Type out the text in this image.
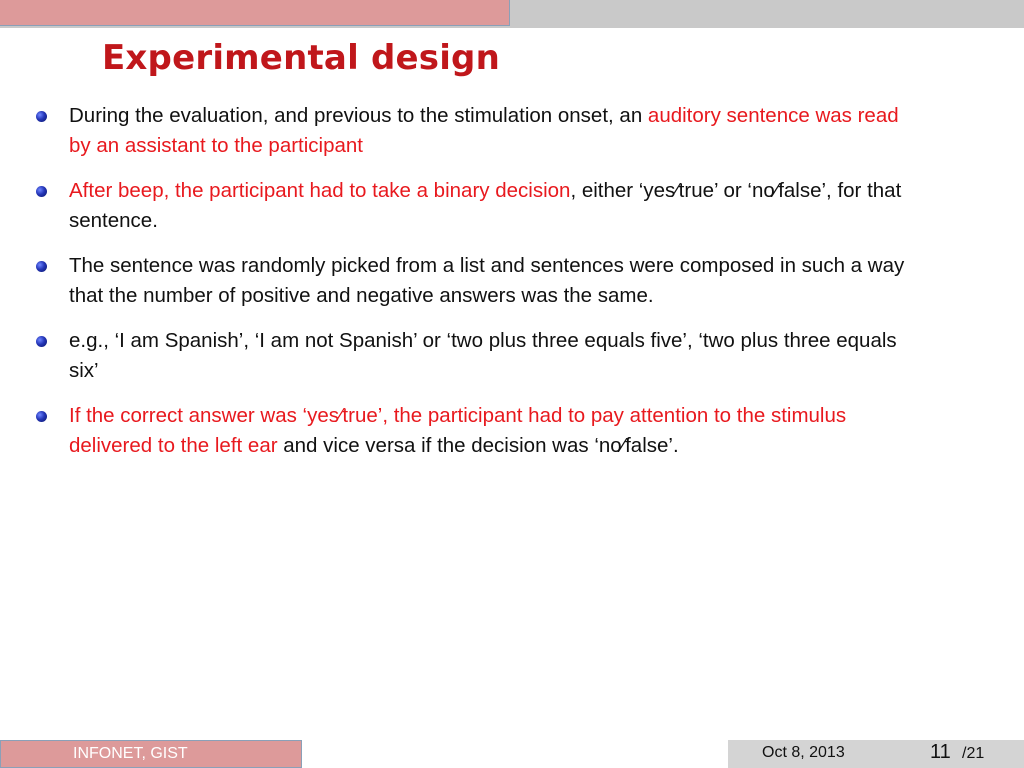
Experimental design
During the evaluation, and previous to the stimulation onset, an auditory sentence was read by an assistant to the participant
After beep, the participant had to take a binary decision, either ‘yes⁄true’ or ‘no⁄false’, for that sentence.
The sentence was randomly picked from a list and sentences were composed in such a way that the number of positive and negative answers was the same.
e.g., ‘I am Spanish’, ‘I am not Spanish’ or ‘two plus three equals five’, ‘two plus three equals six’
If the correct answer was ‘yes⁄true’, the participant had to pay attention to the stimulus delivered to the left ear and vice versa if the decision was ‘no⁄false’.
INFONET, GIST	Oct 8, 2013	11 /21
